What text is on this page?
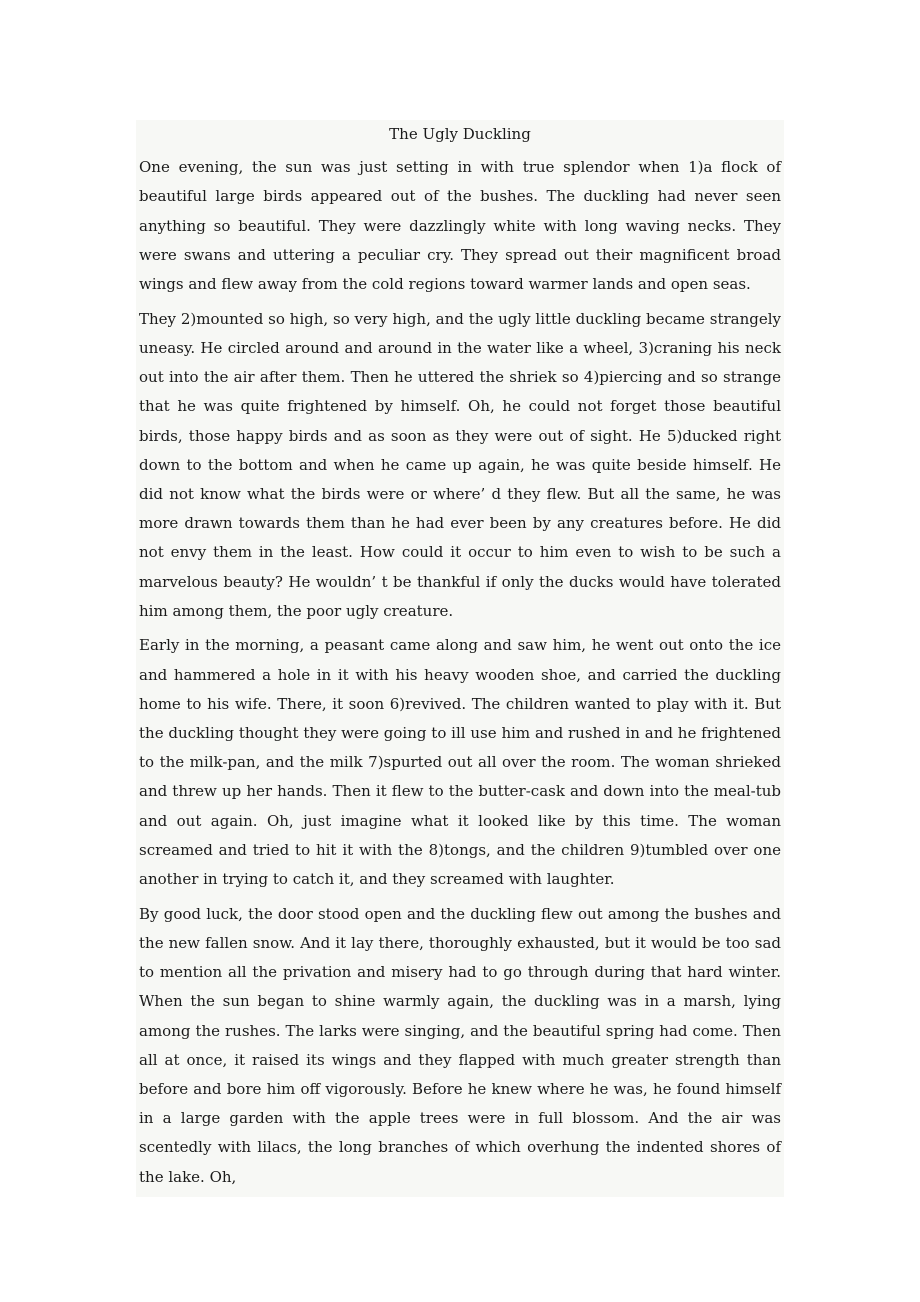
The Ugly Duckling
One evening, the sun was just setting in with true splendor when 1)a flock of beautiful large birds appeared out of the bushes. The duckling had never seen anything so beautiful. They were dazzlingly white with long waving necks. They were swans and uttering a peculiar cry. They spread out their magnificent broad wings and flew away from the cold regions toward warmer lands and open seas.
They 2)mounted so high, so very high, and the ugly little duckling became strangely uneasy. He circled around and around in the water like a wheel, 3)craning his neck out into the air after them. Then he uttered the shriek so 4)piercing and so strange that he was quite frightened by himself. Oh, he could not forget those beautiful birds, those happy birds and as soon as they were out of sight. He 5)ducked right down to the bottom and when he came up again, he was quite beside himself. He did not know what the birds were or where’ d they flew. But all the same, he was more drawn towards them than he had ever been by any creatures before. He did not envy them in the least. How could it occur to him even to wish to be such a marvelous beauty? He wouldn’ t be thankful if only the ducks would have tolerated him among them, the poor ugly creature.
Early in the morning, a peasant came along and saw him, he went out onto the ice and hammered a hole in it with his heavy wooden shoe, and carried the duckling home to his wife. There, it soon 6)revived. The children wanted to play with it. But the duckling thought they were going to ill use him and rushed in and he frightened to the milk-pan, and the milk 7)spurted out all over the room. The woman shrieked and threw up her hands. Then it flew to the butter-cask and down into the meal-tub and out again. Oh, just imagine what it looked like by this time. The woman screamed and tried to hit it with the 8)tongs, and the children 9)tumbled over one another in trying to catch it, and they screamed with laughter.
By good luck, the door stood open and the duckling flew out among the bushes and the new fallen snow. And it lay there, thoroughly exhausted, but it would be too sad to mention all the privation and misery had to go through during that hard winter. When the sun began to shine warmly again, the duckling was in a marsh, lying among the rushes. The larks were singing, and the beautiful spring had come. Then all at once, it raised its wings and they flapped with much greater strength than before and bore him off vigorously. Before he knew where he was, he found himself in a large garden with the apple trees were in full blossom. And the air was scentedly with lilacs, the long branches of which overhung the indented shores of the lake. Oh,
